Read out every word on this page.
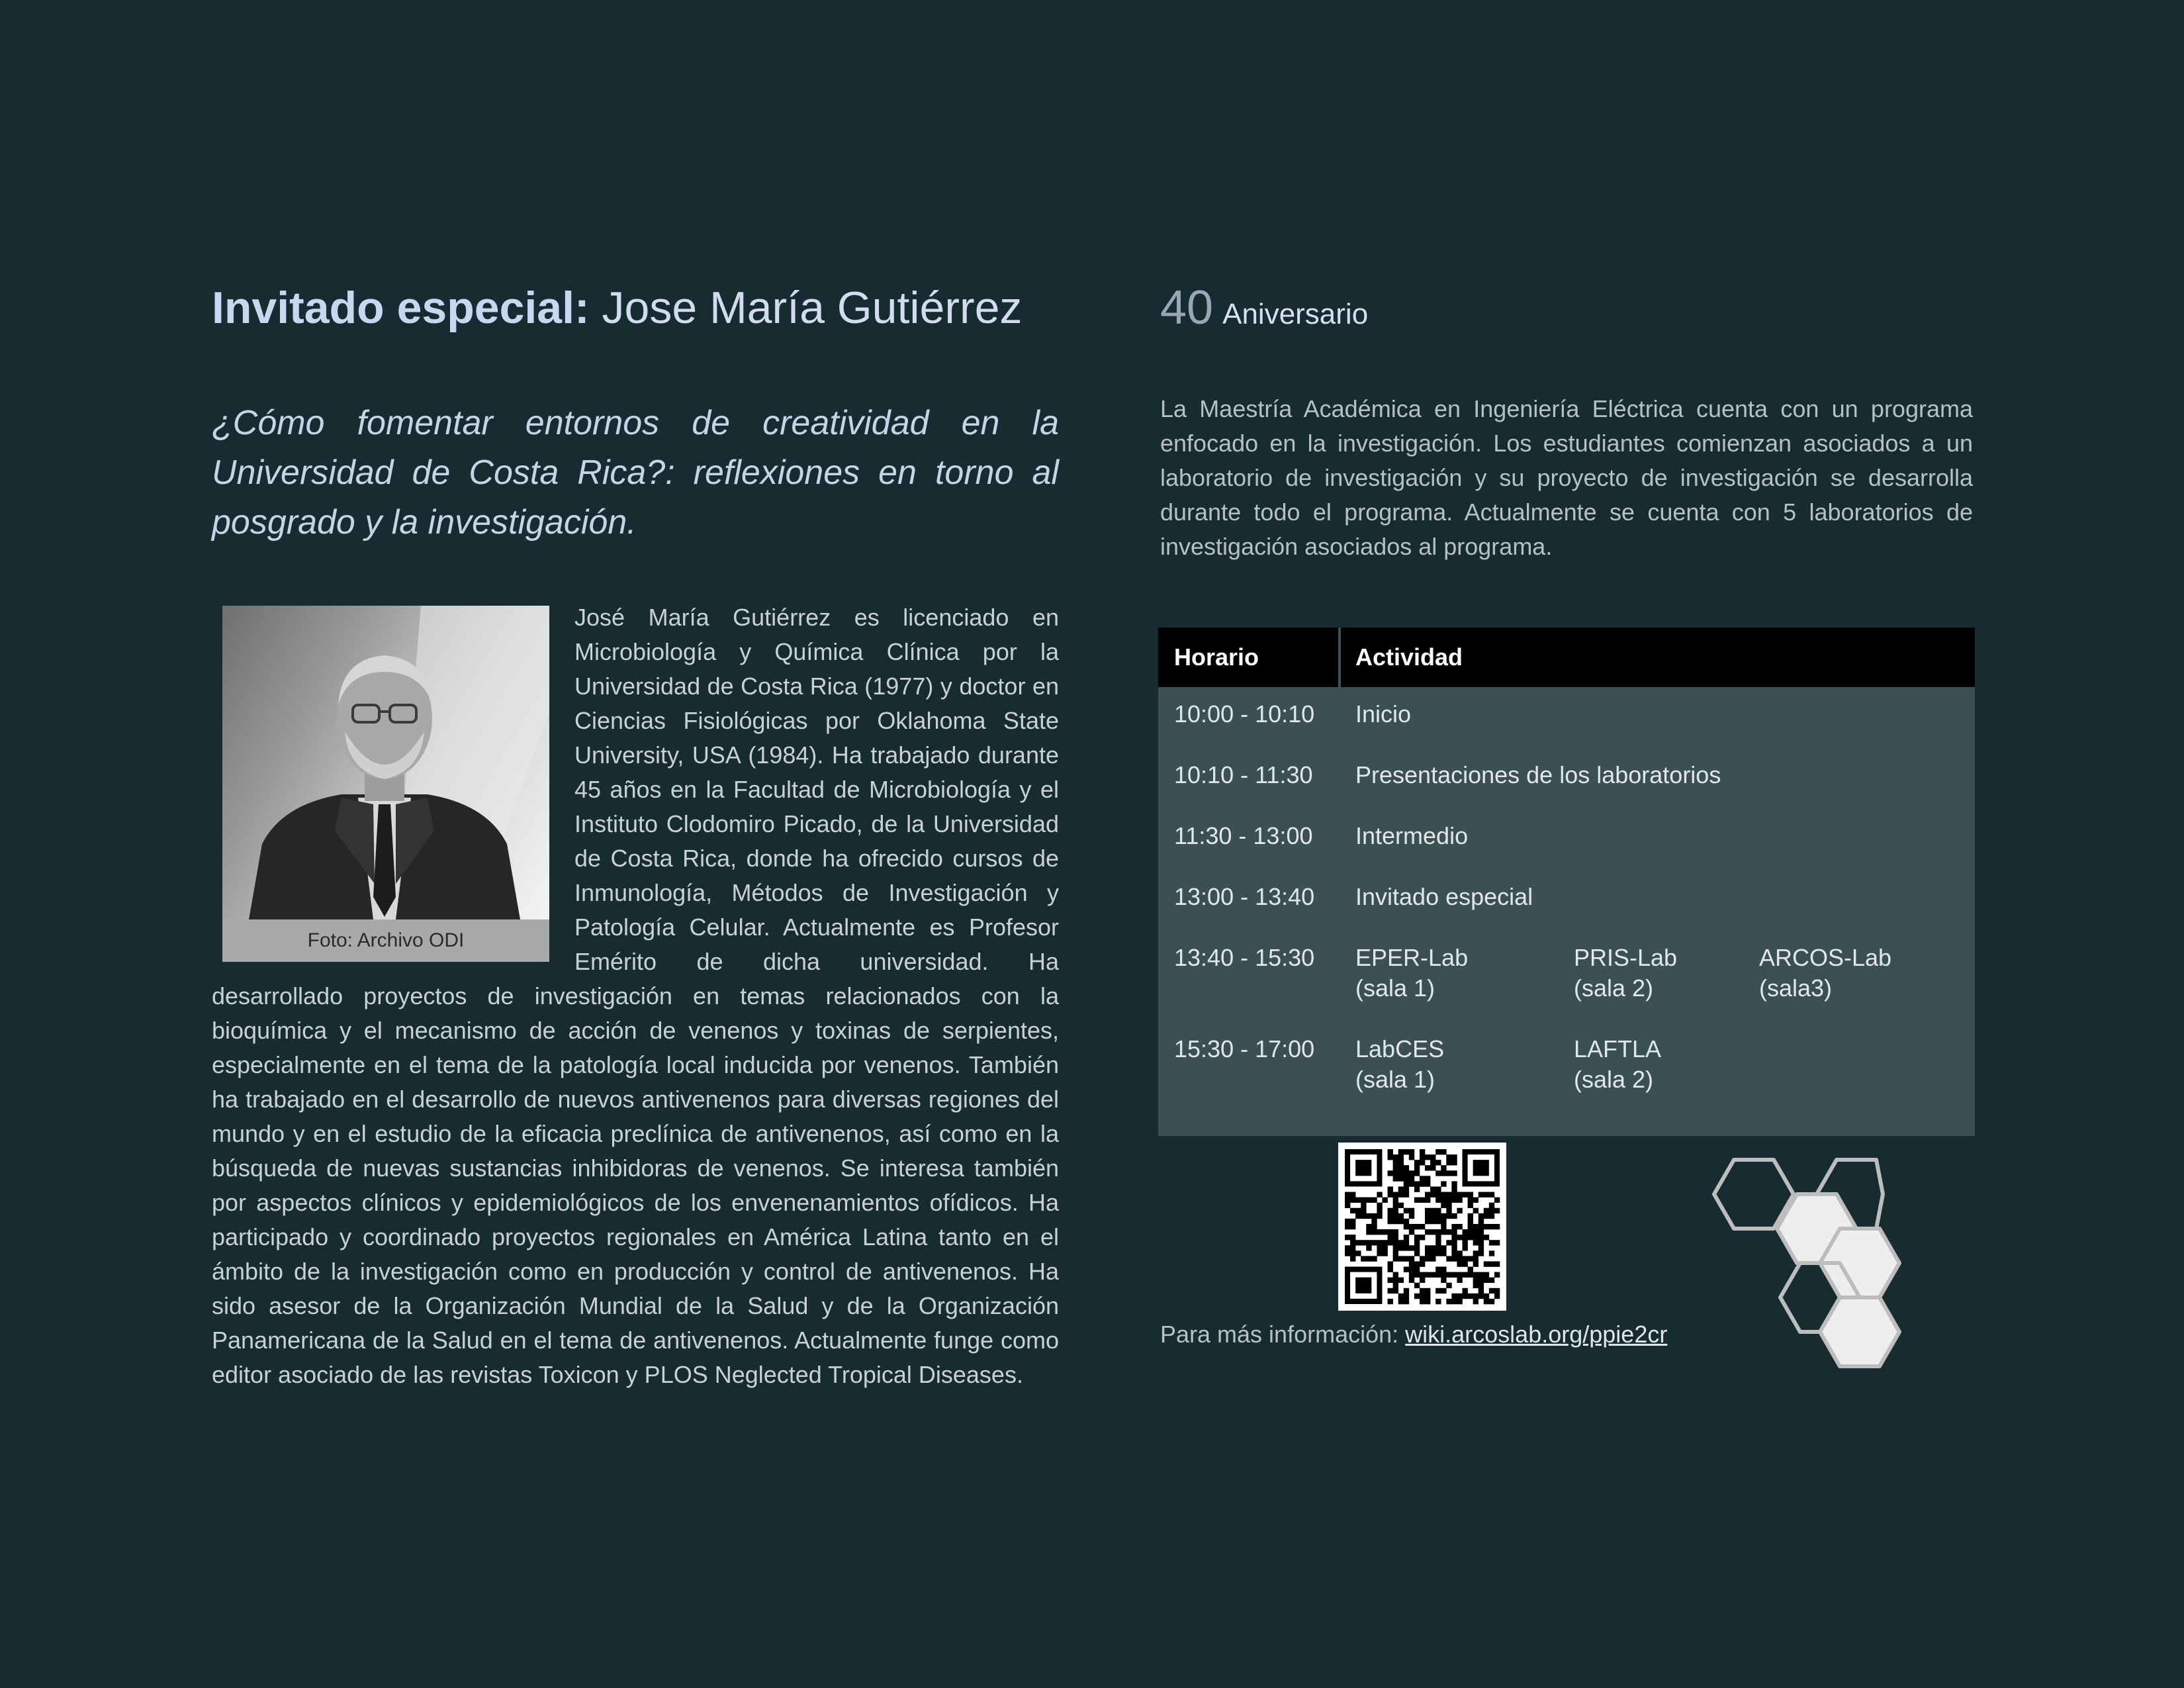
Invitado especial: Jose María Gutiérrez

¿Cómo fomentar entornos de creatividad en la Universidad de Costa Rica?: reflexiones en torno al posgrado y la investigación.

Foto: Archivo ODI
José María Gutiérrez es licenciado en Microbiología y Química Clínica por la Universidad de Costa Rica (1977) y doctor en Ciencias Fisiológicas por Oklahoma State University, USA (1984). Ha trabajado durante 45 años en la Facultad de Microbiología y el Instituto Clodomiro Picado, de la Universidad de Costa Rica, donde ha ofrecido cursos de Inmunología, Métodos de Investigación y Patología Celular. Actualmente es Profesor Emérito de dicha universidad. Ha desarrollado proyectos de investigación en temas relacionados con la bioquímica y el mecanismo de acción de venenos y toxinas de serpientes, especialmente en el tema de la patología local inducida por venenos. También ha trabajado en el desarrollo de nuevos antivenenos para diversas regiones del mundo y en el estudio de la eficacia preclínica de antivenenos, así como en la búsqueda de nuevas sustancias inhibidoras de venenos. Se interesa también por aspectos clínicos y epidemiológicos de los envenenamientos ofídicos. Ha participado y coordinado proyectos regionales en América Latina tanto en el ámbito de la investigación como en producción y control de antivenenos. Ha sido asesor de la Organización Mundial de la Salud y de la Organización Panamericana de la Salud en el tema de antivenenos. Actualmente funge como editor asociado de las revistas Toxicon y PLOS Neglected Tropical Diseases.
40 Aniversario

La Maestría Académica en Ingeniería Eléctrica cuenta con un programa enfocado en la investigación. Los estudiantes comienzan asociados a un laboratorio de investigación y su proyecto de investigación se desarrolla durante todo el programa. Actualmente se cuenta con 5 laboratorios de investigación asociados al programa.

Horario	Actividad
10:00 - 10:10 Inicio
10:10 - 11:30 Presentaciones de los laboratorios
11:30 - 13:00 Intermedio
13:00 - 13:40 Invitado especial
13:40 - 15:30 EPER-Lab
(sala 1)
PRIS-Lab
(sala 2)
ARCOS-Lab
(sala3)
15:30 - 17:00 LabCES
(sala 1)
LAFTLA
(sala 2)
Para más información: wiki.arcoslab.org/ppie2cr
